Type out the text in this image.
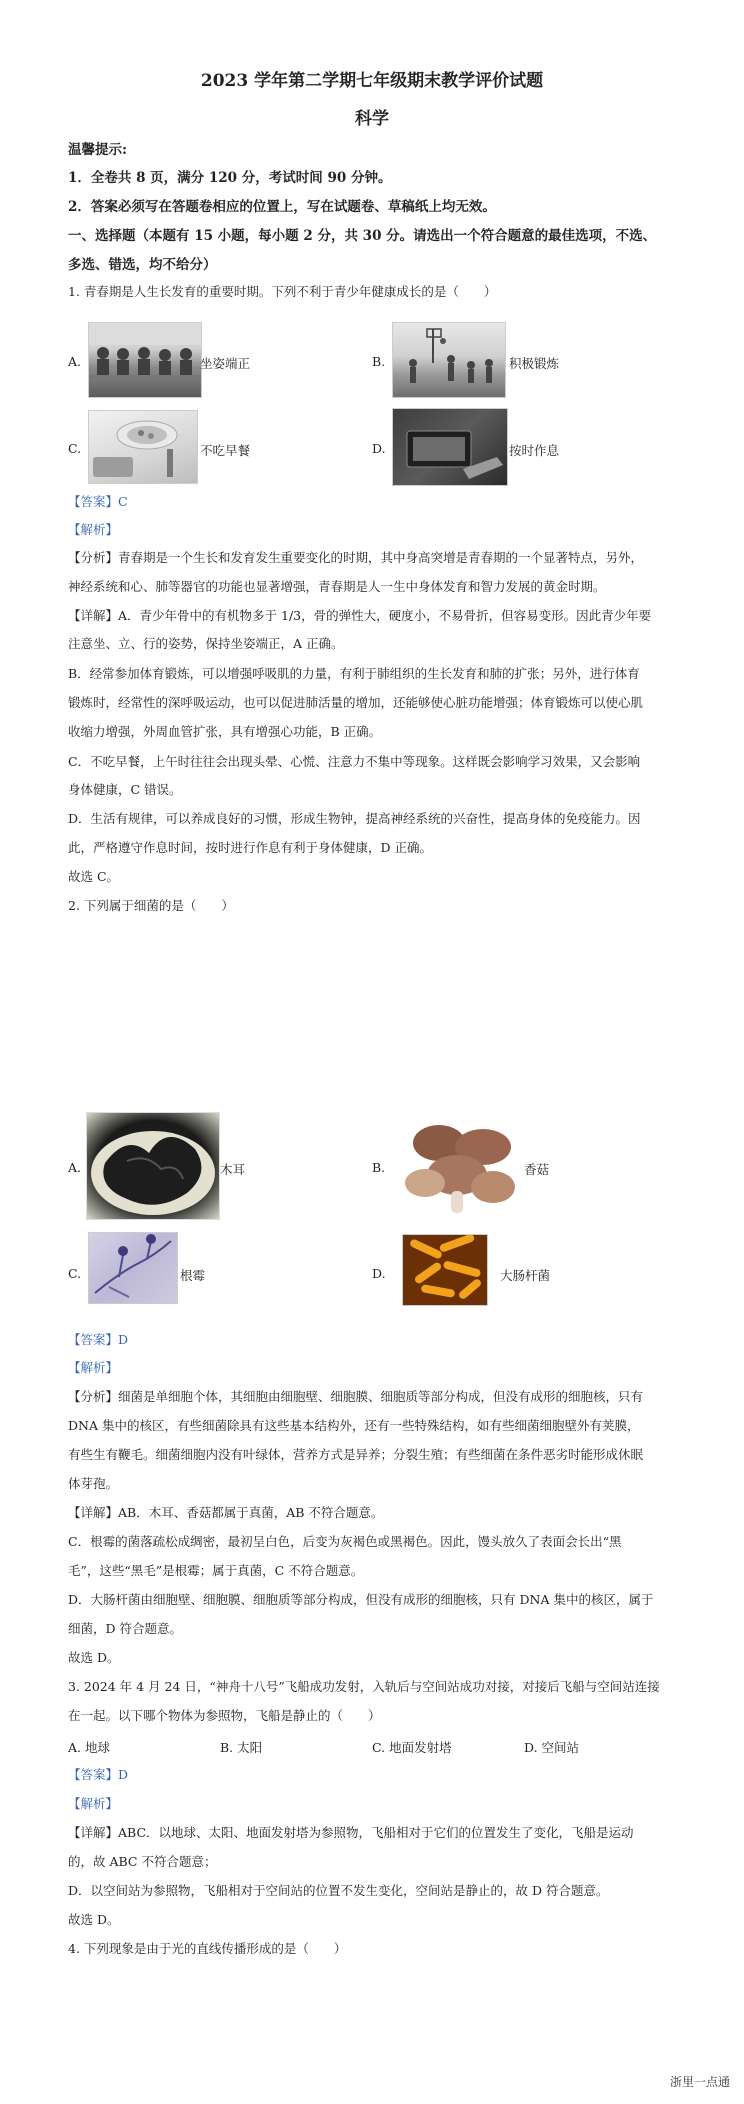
2023 学年第二学期七年级期末教学评价试题
科学
温馨提示:
1．全卷共 8 页，满分 120 分，考试时间 90 分钟。
2．答案必须写在答题卷相应的位置上，写在试题卷、草稿纸上均无效。
一、选择题（本题有 15 小题，每小题 2 分，共 30 分。请选出一个符合题意的最佳选项，不选、
多选、错选，均不给分）
1. 青春期是人生长发育的重要时期。下列不利于青少年健康成长的是（　　）
A.	坐姿端正	B.	积极锻炼
C.	不吃早餐	D.	按时作息
【答案】C
【解析】
【分析】青春期是一个生长和发育发生重要变化的时期，其中身高突增是青春期的一个显著特点，另外，
神经系统和心、肺等器官的功能也显著增强，青春期是人一生中身体发育和智力发展的黄金时期。
【详解】A．青少年骨中的有机物多于 1/3，骨的弹性大，硬度小，不易骨折，但容易变形。因此青少年要
注意坐、立、行的姿势，保持坐姿端正，A 正确。
B．经常参加体育锻炼，可以增强呼吸肌的力量，有利于肺组织的生长发育和肺的扩张；另外，进行体育
锻炼时，经常性的深呼吸运动，也可以促进肺活量的增加，还能够使心脏功能增强；体育锻炼可以使心肌
收缩力增强，外周血管扩张，具有增强心功能，B 正确。
C．不吃早餐，上午时往往会出现头晕、心慌、注意力不集中等现象。这样既会影响学习效果，又会影响
身体健康，C 错误。
D．生活有规律，可以养成良好的习惯，形成生物钟，提高神经系统的兴奋性，提高身体的免疫能力。因
此，严格遵守作息时间，按时进行作息有利于身体健康，D 正确。
故选 C。
2. 下列属于细菌的是（　　）
A.	木耳	B.	香菇
C.	根霉	D.	大肠杆菌
【答案】D
【解析】
【分析】细菌是单细胞个体，其细胞由细胞壁、细胞膜、细胞质等部分构成，但没有成形的细胞核，只有
DNA 集中的核区，有些细菌除具有这些基本结构外，还有一些特殊结构，如有些细菌细胞壁外有荚膜，
有些生有鞭毛。细菌细胞内没有叶绿体，营养方式是异养；分裂生殖；有些细菌在条件恶劣时能形成休眠
体芽孢。
【详解】AB．木耳、香菇都属于真菌，AB 不符合题意。
C．根霉的菌落疏松成绸密，最初呈白色，后变为灰褐色或黑褐色。因此，馒头放久了表面会长出“黑
毛”，这些“黑毛”是根霉；属于真菌，C 不符合题意。
D．大肠杆菌由细胞壁、细胞膜、细胞质等部分构成，但没有成形的细胞核，只有 DNA 集中的核区，属于
细菌，D 符合题意。
故选 D。
3. 2024 年 4 月 24 日，“神舟十八号”飞船成功发射，入轨后与空间站成功对接，对接后飞船与空间站连接
在一起。以下哪个物体为参照物，飞船是静止的（　　）
A. 地球	B. 太阳	C. 地面发射塔	D. 空间站
【答案】D
【解析】
【详解】ABC．以地球、太阳、地面发射塔为参照物，飞船相对于它们的位置发生了变化，飞船是运动
的，故 ABC 不符合题意；
D．以空间站为参照物，飞船相对于空间站的位置不发生变化，空间站是静止的，故 D 符合题意。
故选 D。
4. 下列现象是由于光的直线传播形成的是（　　）
浙里一点通
